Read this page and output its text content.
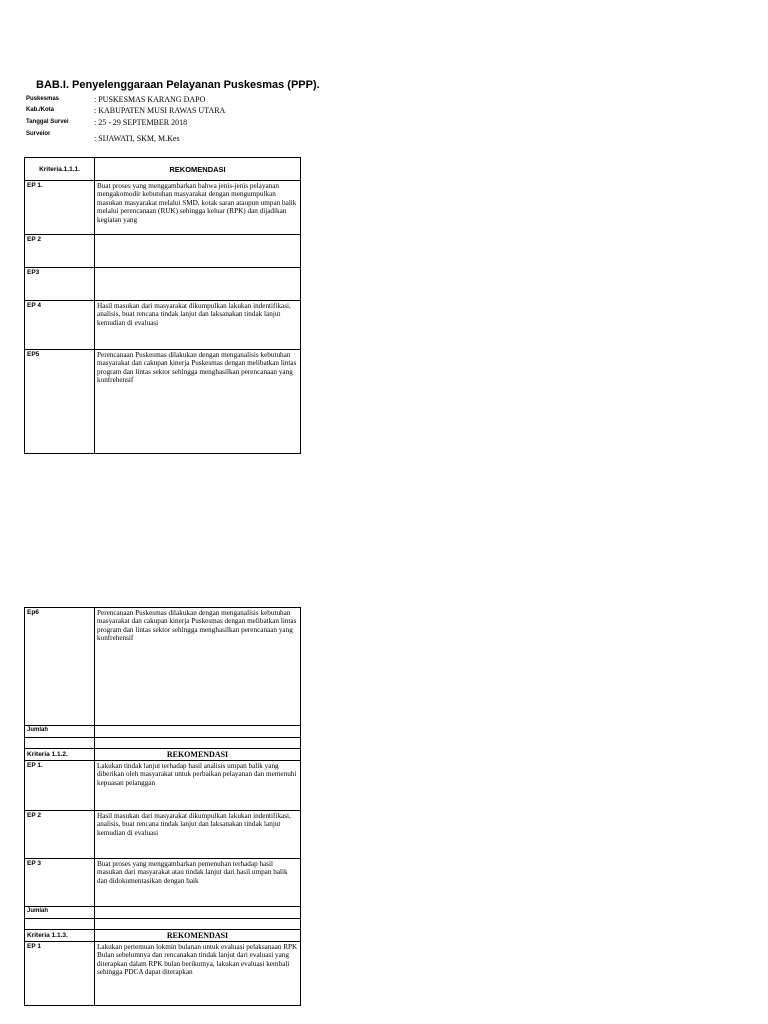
BAB.I. Penyelenggaraan Pelayanan Puskesmas (PPP).
Puskesmas	: PUSKESMAS KARANG DAPO
Kab./Kota	: KABUPATEN MUSI RAWAS UTARA
Tanggal Survei	: 25 - 29 SEPTEMBER 2018
Surveior	: SIJAWATI, SKM, M.Kes
Kriteria.1.1.1.	REKOMENDASI
EP 1.	Buat proses yang menggambarkan bahwa jenis-jenis pelayanan mengakomodir kebutuhan masyarakat dengan mengumpulkan masukan masyarakat melalui SMD, kotak saran ataupun umpan balik melalui perencanaan (RUK) sehingga keluar (RPK) dan dijadikan kegiatan yang
EP 2	
EP3	
EP 4	Hasil masukan dari masyarakat dikumpulkan lakukan indentifikasi, analisis, buat rencana tindak lanjut dan laksanakan tindak lanjut kemudian di evaluasi
EP5	Perencanaan Puskesmas dilakukan dengan menganalisis kebutuhan masyarakat dan cakupan kinerja Puskesmas dengan melibatkan lintas program dan lintas sektor sehingga menghasilkan perencanaan yang konfrehensif
Ep6	Perencanaan Puskesmas dilakukan dengan menganalisis kebutuhan masyarakat dan cakupan kinerja Puskesmas dengan melibatkan lintas program dan lintas sektor sehingga menghasilkan perencanaan yang konfrehensif
Jumlah	

Kriteria 1.1.2.	REKOMENDASI
EP 1.	Lakukan tindak lanjut terhadap hasil analisis umpan balik yang diberikan oleh masyarakat untuk perbaikan pelayanan dan memenuhi kepuasan pelanggan
EP 2	Hasil masukan dari masyarakat dikumpulkan lakukan indentifikasi, analisis, buat rencana tindak lanjut dan laksanakan tindak lanjut kemudian di evaluasi
EP 3	Buat proses yang menggambarkan pemenuhan terhadap hasil masukan dari masyarakat atau tindak lanjut dari hasil umpan balik dan didokumentasikan dengan baik
Jumlah	

Kriteria 1.1.3.	REKOMENDASI
EP 1	Lakukan pertemuan lokmin bulanan untuk evaluasi pelaksanaan RPK Bulan sebelumnya dan rencanakan tindak lanjut dari evaluasi yang diterapkan dalam RPK bulan berikutnya, lakukan evaluasi kembali sehingga PDCA dapat diterapkan
